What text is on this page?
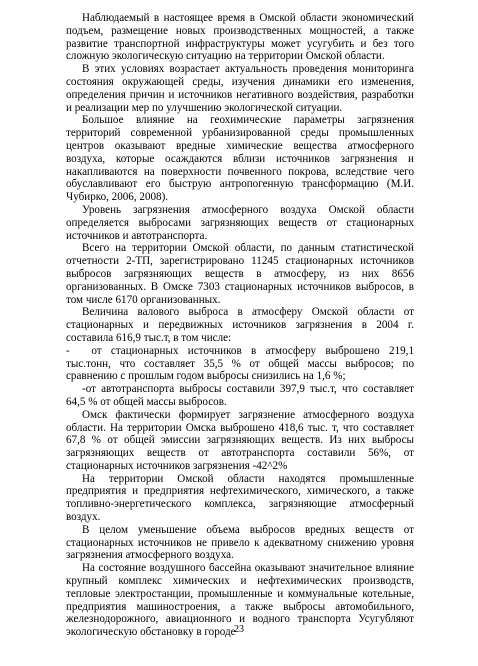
Наблюдаемый в настоящее время в Омской области экономический подъем, размещение новых производственных мощностей, а также развитие транспортной инфраструктуры может усугубить и без того сложную экологическую ситуацию на территории Омской области.

В этих условиях возрастает актуальность проведения мониторинга состояния окружающей среды, изучения динамики его изменения, определения причин и источников негативного воздействия, разработки и реализации мер по улучшению экологической ситуации.

Большое влияние на геохимические параметры загрязнения территорий современной урбанизированной среды промышленных центров оказывают вредные химические вещества атмосферного воздуха, которые осаждаются вблизи источников загрязнения и накапливаются на поверхности почвенного покрова, вследствие чего обуславливают его быструю антропогенную трансформацию (М.И. Чубирко, 2006, 2008).

Уровень загрязнения атмосферного воздуха Омской области определяется выбросами загрязняющих веществ от стационарных источников и автотранспорта.

Всего на территории Омской области, по данным статистической отчетности 2-ТП, зарегистрировано 11245 стационарных источников выбросов загрязняющих веществ в атмосферу, из них 8656 организованных. В Омске 7303 стационарных источников выбросов, в том числе 6170 организованных.

Величина валового выброса в атмосферу Омской области от стационарных и передвижных источников загрязнения в 2004 г. составила 616,9 тыс.т, в том числе:

- от стационарных источников в атмосферу выброшено 219,1 тыс.тонн, что составляет 35,5 % от общей массы выбросов; по сравнению с прошлым годом выбросы снизились на 1,6 %;

-от автотранспорта выбросы составили 397,9 тыс.т, что составляет 64,5 % от общей массы выбросов.

Омск фактически формирует загрязнение атмосферного воздуха области. На территории Омска выброшено 418,6 тыс. т, что составляет 67,8 % от общей эмиссии загрязняющих веществ. Из них выбросы загрязняющих веществ от автотранспорта составили 56%, от стационарных источников загрязнения -42^2%

На территории Омской области находятся промышленные предприятия и предприятия нефтехимического, химического, а также топливно-энергетического комплекса, загрязняющие атмосферный воздух.

В целом уменьшение объема выбросов вредных веществ от стационарных источников не привело к адекватному снижению уровня загрязнения атмосферного воздуха.

На состояние воздушного бассейна оказывают значительное влияние крупный комплекс химических и нефтехимических производств, тепловые электростанции, промышленные и коммунальные котельные, предприятия машиностроения, а также выбросы автомобильного, железнодорожного, авиационного и водного транспорта Усугубляют экологическую обстановку в городе

23
